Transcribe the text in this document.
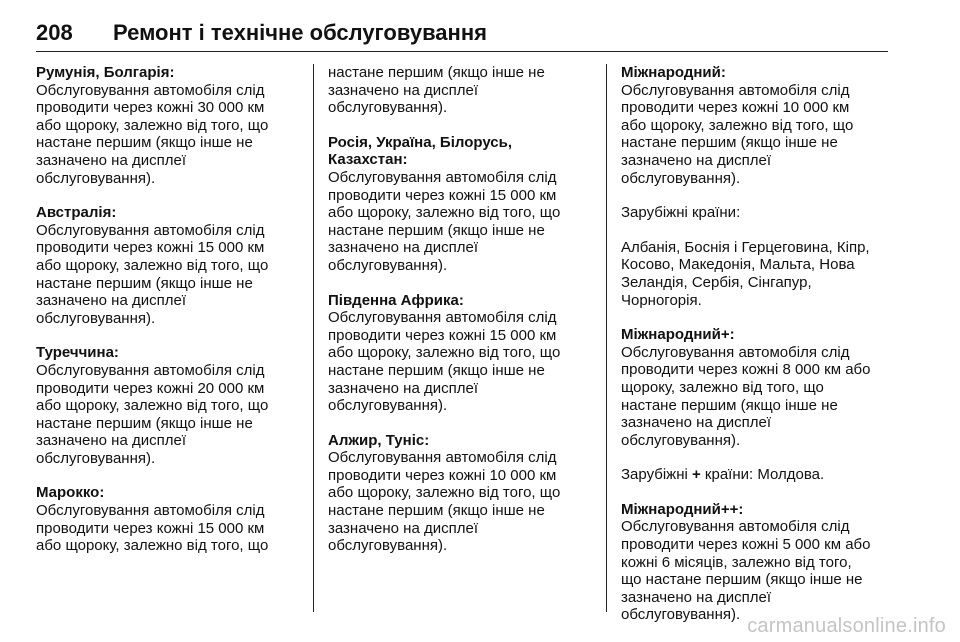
208 Ремонт і технічне обслуговування
Румунія, Болгарія:
Обслуговування автомобіля слід
проводити через кожні 30 000 км
або щороку, залежно від того, що
настане першим (якщо інше не
зазначено на дисплеї
обслуговування).
Австралія:
Обслуговування автомобіля слід
проводити через кожні 15 000 км
або щороку, залежно від того, що
настане першим (якщо інше не
зазначено на дисплеї
обслуговування).
Туреччина:
Обслуговування автомобіля слід
проводити через кожні 20 000 км
або щороку, залежно від того, що
настане першим (якщо інше не
зазначено на дисплеї
обслуговування).
Марокко:
Обслуговування автомобіля слід
проводити через кожні 15 000 км
або щороку, залежно від того, що
настане першим (якщо інше не
зазначено на дисплеї
обслуговування).
Росія, Україна, Білорусь,
Казахстан:
Обслуговування автомобіля слід
проводити через кожні 15 000 км
або щороку, залежно від того, що
настане першим (якщо інше не
зазначено на дисплеї
обслуговування).
Південна Африка:
Обслуговування автомобіля слід
проводити через кожні 15 000 км
або щороку, залежно від того, що
настане першим (якщо інше не
зазначено на дисплеї
обслуговування).
Алжир, Туніс:
Обслуговування автомобіля слід
проводити через кожні 10 000 км
або щороку, залежно від того, що
настане першим (якщо інше не
зазначено на дисплеї
обслуговування).
Міжнародний:
Обслуговування автомобіля слід
проводити через кожні 10 000 км
або щороку, залежно від того, що
настане першим (якщо інше не
зазначено на дисплеї
обслуговування).
Зарубіжні країни:
Албанія, Боснія і Герцеговина, Кіпр,
Косово, Македонія, Мальта, Нова
Зеландія, Сербія, Сінгапур,
Чорногорія.
Міжнародний+:
Обслуговування автомобіля слід
проводити через кожні 8 000 км або
щороку, залежно від того, що
настане першим (якщо інше не
зазначено на дисплеї
обслуговування).
Зарубіжні + країни: Молдова.
Міжнародний++:
Обслуговування автомобіля слід
проводити через кожні 5 000 км або
кожні 6 місяців, залежно від того,
що настане першим (якщо інше не
зазначено на дисплеї
обслуговування).
carmanualsonline.info
